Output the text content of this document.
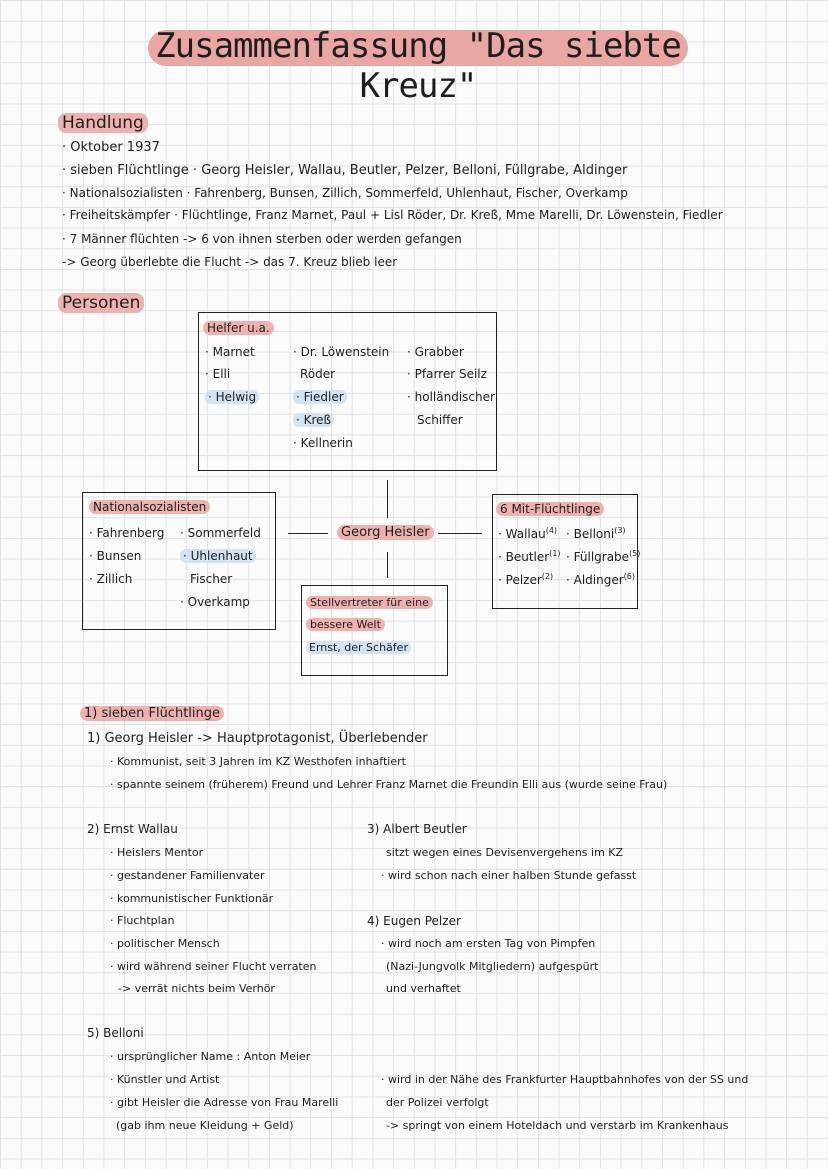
Zusammenfassung "Das siebte Kreuz"
Handlung
· Oktober 1937
· sieben Flüchtlinge · Georg Heisler, Wallau, Beutler, Pelzer, Belloni, Füllgrabe, Aldinger
· Nationalsozialisten · Fahrenberg, Bunsen, Zillich, Sommerfeld, Uhlenhaut, Fischer, Overkamp
· Freiheitskämpfer · Flüchtlinge, Franz Marnet, Paul + Lisl Röder, Dr. Kreß, Mme Marelli, Dr. Löwenstein, Fiedler
· 7 Männer flüchten -> 6 von ihnen sterben oder werden gefangen
-> Georg überlebte die Flucht -> das 7. Kreuz blieb leer
Personen
Helfer u.a.
· Marnet
· Elli
· Helwig
· Dr. Löwenstein
Röder
· Fiedler
· Kreß
· Kellnerin
· Grabber
· Pfarrer Seilz
· holländischer
Schiffer
Georg Heisler
Nationalsozialisten
· Fahrenberg
· Bunsen
· Zillich
· Sommerfeld
· Uhlenhaut
Fischer
· Overkamp
6 Mit-Flüchtlinge
· Wallau$^{(4)}$
· Beutler$^{(1)}$
· Pelzer$^{(2)}$
· Belloni$^{(3)}$
· Füllgrabe$^{(5)}$
· Aldinger$^{(6)}$
Stellvertreter für eine
bessere Welt
Ernst, der Schäfer
1) sieben Flüchtlinge
1) Georg Heisler -> Hauptprotagonist, Überlebender
· Kommunist, seit 3 Jahren im KZ Westhofen inhaftiert
· spannte seinem (früherem) Freund und Lehrer Franz Marnet die Freundin Elli aus (wurde seine Frau)
2) Ernst Wallau
· Heislers Mentor
· gestandener Familienvater
· kommunistischer Funktionär
· Fluchtplan
· politischer Mensch
· wird während seiner Flucht verraten
-> verrät nichts beim Verhör
3) Albert Beutler
sitzt wegen eines Devisenvergehens im KZ
· wird schon nach einer halben Stunde gefasst
4) Eugen Pelzer
· wird noch am ersten Tag von Pimpfen
(Nazi-Jungvolk Mitgliedern) aufgespürt
und verhaftet
5) Belloni
· ursprünglicher Name : Anton Meier
· Künstler und Artist
· gibt Heisler die Adresse von Frau Marelli
(gab ihm neue Kleidung + Geld)
· wird in der Nähe des Frankfurter Hauptbahnhofes von der SS und
der Polizei verfolgt
-> springt von einem Hoteldach und verstarb im Krankenhaus
